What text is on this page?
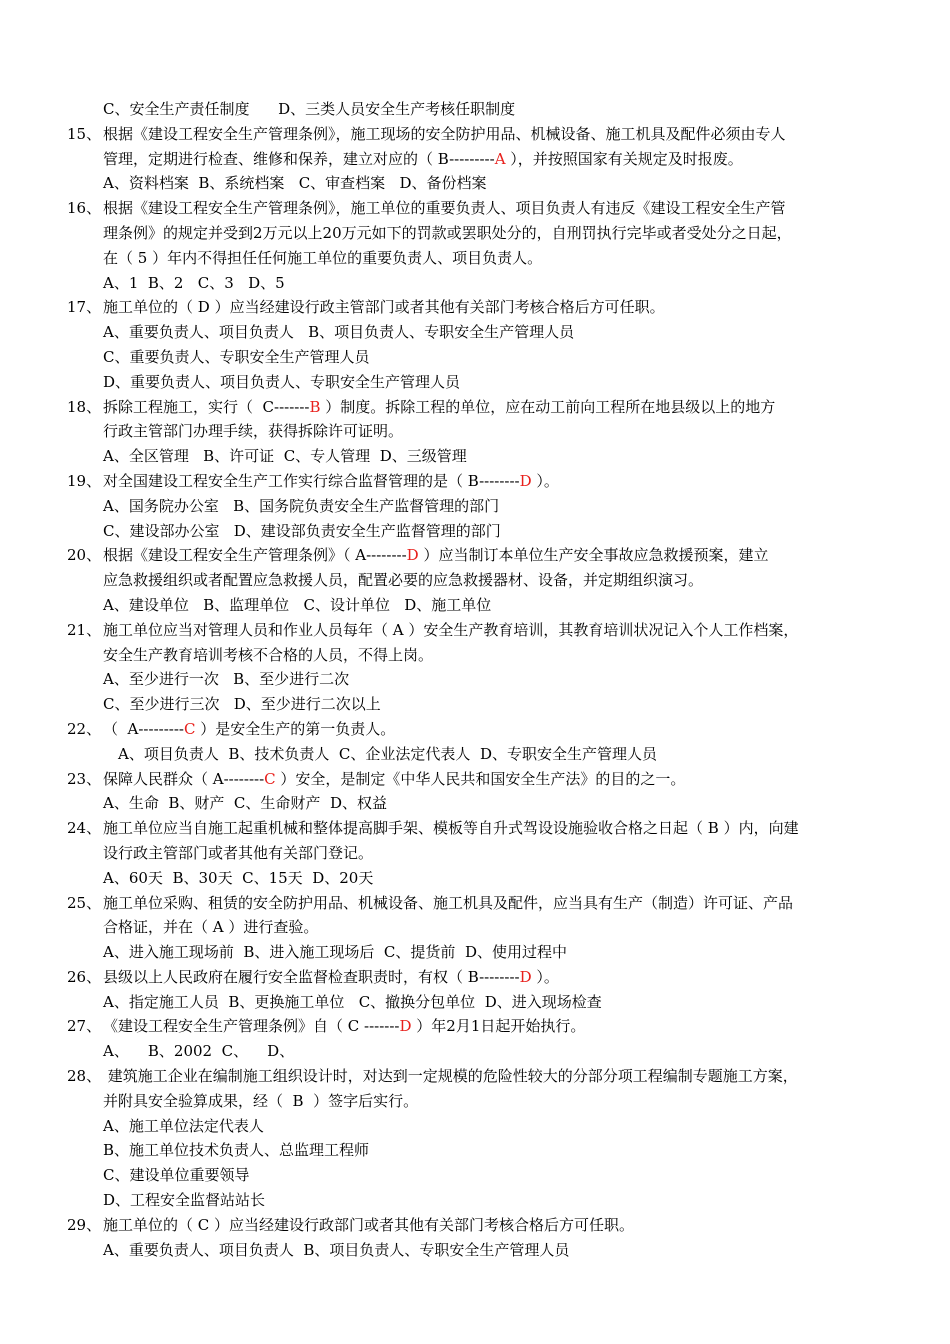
C、安全生产责任制度      D、三类人员安全生产考核任职制度
15、 根据《建设工程安全生产管理条例》，施工现场的安全防护用品、机械设备、施工机具及配件必须由专人
管理，定期进行检查、维修和保养，建立对应的（ B---------A ），并按照国家有关规定及时报废。
A、资料档案  B、系统档案   C、审查档案   D、备份档案
16、 根据《建设工程安全生产管理条例》，施工单位的重要负责人、项目负责人有违反《建设工程安全生产管
理条例》的规定并受到2万元以上20万元如下的罚款或罢职处分的，自刑罚执行完毕或者受处分之日起，
在（ 5 ）年内不得担任任何施工单位的重要负责人、项目负责人。
A、1  B、2   C、3   D、5
17、 施工单位的（ D ）应当经建设行政主管部门或者其他有关部门考核合格后方可任职。
A、重要负责人、项目负责人   B、项目负责人、专职安全生产管理人员
C、重要负责人、专职安全生产管理人员
D、重要负责人、项目负责人、专职安全生产管理人员
18、 拆除工程施工，实行（  C-------B ）制度。拆除工程的单位，应在动工前向工程所在地县级以上的地方
行政主管部门办理手续，获得拆除许可证明。
A、全区管理   B、许可证  C、专人管理  D、三级管理
19、 对全国建设工程安全生产工作实行综合监督管理的是（ B--------D ）。
A、国务院办公室   B、国务院负责安全生产监督管理的部门
C、建设部办公室   D、建设部负责安全生产监督管理的部门
20、 根据《建设工程安全生产管理条例》（ A--------D ）应当制订本单位生产安全事故应急救援预案，建立
应急救援组织或者配置应急救援人员，配置必要的应急救援器材、设备，并定期组织演习。
A、建设单位   B、监理单位   C、设计单位   D、施工单位
21、 施工单位应当对管理人员和作业人员每年（ A ）安全生产教育培训，其教育培训状况记入个人工作档案，
安全生产教育培训考核不合格的人员，不得上岗。
A、至少进行一次   B、至少进行二次
C、至少进行三次   D、至少进行二次以上
22、 （  A---------C ）是安全生产的第一负责人。
A、项目负责人  B、技术负责人  C、企业法定代表人  D、专职安全生产管理人员
23、 保障人民群众（ A--------C ）安全，是制定《中华人民共和国安全生产法》的目的之一。
A、生命  B、财产  C、生命财产  D、权益
24、 施工单位应当自施工起重机械和整体提高脚手架、模板等自升式驾设设施验收合格之日起（ B ）内，向建
设行政主管部门或者其他有关部门登记。
A、60天  B、30天  C、15天  D、20天
25、 施工单位采购、租赁的安全防护用品、机械设备、施工机具及配件，应当具有生产（制造）许可证、产品
合格证，并在（ A ）进行查验。
A、进入施工现场前  B、进入施工现场后  C、提货前  D、使用过程中
26、 县级以上人民政府在履行安全监督检查职责时，有权（ B--------D ）。
A、指定施工人员  B、更换施工单位   C、撤换分包单位  D、进入现场检查
27、 《建设工程安全生产管理条例》自（ C -------D ）年2月1日起开始执行。
A、    B、2002  C、    D、
28、 建筑施工企业在编制施工组织设计时，对达到一定规模的危险性较大的分部分项工程编制专题施工方案，
并附具安全验算成果，经（  B  ）签字后实行。
A、施工单位法定代表人
B、施工单位技术负责人、总监理工程师
C、建设单位重要领导
D、工程安全监督站站长
29、 施工单位的（ C ）应当经建设行政部门或者其他有关部门考核合格后方可任职。
A、重要负责人、项目负责人  B、项目负责人、专职安全生产管理人员
